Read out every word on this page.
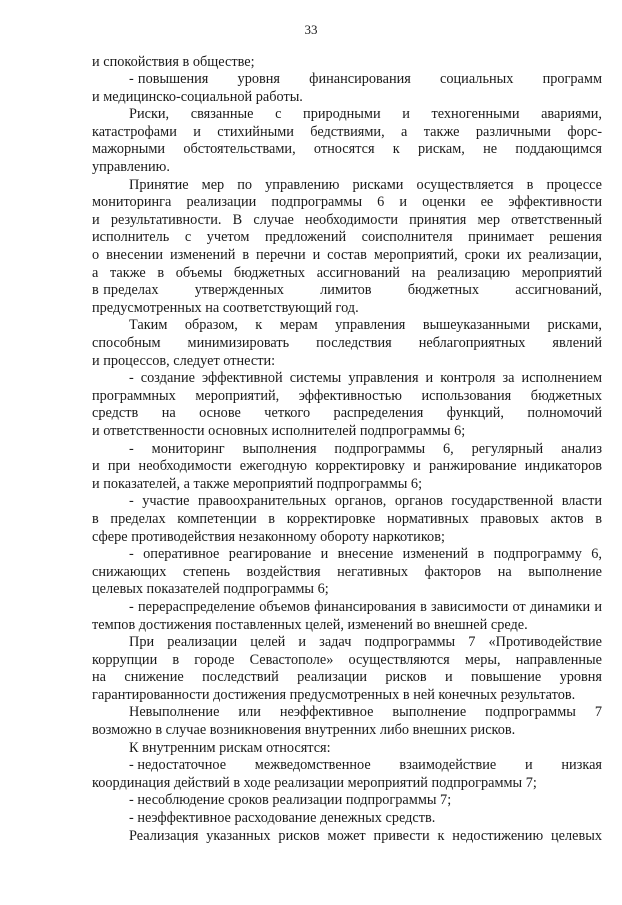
33
и спокойствия в обществе;
- повышения       уровня       финансирования       социальных       программ
и медицинско-социальной работы.
Риски,   связанные   с   природными   и   техногенными   авариями,
катастрофами и стихийными бедствиями, а также различными форс-
мажорными обстоятельствами, относятся к рискам, не поддающимся
управлению.
Принятие мер по управлению рисками осуществляется в процессе
мониторинга реализации подпрограммы 6 и оценки ее эффективности
и результативности. В случае необходимости принятия мер ответственный
исполнитель с учетом предложений соисполнителя принимает решения
о внесении изменений в перечни и состав мероприятий, сроки их реализации,
а также в объемы бюджетных ассигнований на реализацию мероприятий
в пределах        утвержденных        лимитов        бюджетных        ассигнований,
предусмотренных на соответствующий год.
Таким образом, к мерам управления вышеуказанными рисками,
способным      минимизировать      последствия      неблагоприятных      явлений
и процессов, следует отнести:
- создание эффективной системы управления и контроля за исполнением
программных мероприятий, эффективностью использования бюджетных
средств на основе четкого распределения функций, полномочий
и ответственности основных исполнителей подпрограммы 6;
- мониторинг выполнения подпрограммы 6, регулярный анализ
и при необходимости ежегодную корректировку и ранжирование индикаторов
и показателей, а также мероприятий подпрограммы 6;
- участие правоохранительных органов, органов государственной власти
в пределах компетенции в корректировке нормативных правовых актов в
сфере противодействия незаконному обороту наркотиков;
- оперативное реагирование и внесение изменений в подпрограмму 6,
снижающих степень воздействия негативных факторов на выполнение
целевых показателей подпрограммы 6;
- перераспределение объемов финансирования в зависимости от динамики и
темпов достижения поставленных целей, изменений во внешней среде.
При реализации целей и задач подпрограммы 7 «Противодействие
коррупции в городе Севастополе» осуществляются меры, направленные
на снижение последствий реализации рисков и повышение уровня
гарантированности достижения предусмотренных в ней конечных результатов.
Невыполнение или неэффективное выполнение подпрограммы 7
возможно в случае возникновения внутренних либо внешних рисков.
К внутренним рискам относятся:
- недостаточное        межведомственное        взаимодействие        и        низкая
координация действий в ходе реализации мероприятий подпрограммы 7;
- несоблюдение сроков реализации подпрограммы 7;
- неэффективное расходование денежных средств.
Реализация указанных рисков может привести к недостижению целевых
